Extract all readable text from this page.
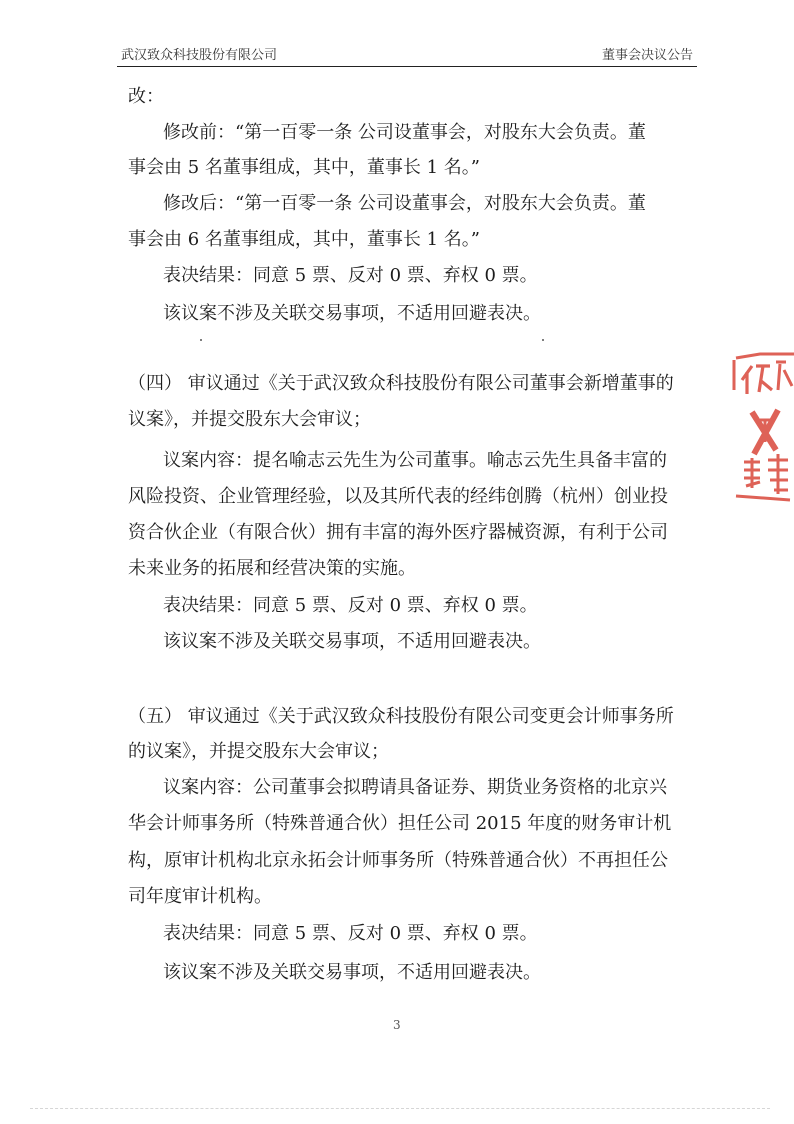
武汉致众科技股份有限公司	董事会决议公告
改：
修改前：“第一百零一条 公司设董事会，对股东大会负责。董
事会由 5 名董事组成，其中，董事长 1 名。”
修改后：“第一百零一条 公司设董事会，对股东大会负责。董
事会由 6 名董事组成，其中，董事长 1 名。”
表决结果：同意 5 票、反对 0 票、弃权 0 票。
该议案不涉及关联交易事项，不适用回避表决。
（四） 审议通过《关于武汉致众科技股份有限公司董事会新增董事的
议案》，并提交股东大会审议；
议案内容：提名喻志云先生为公司董事。喻志云先生具备丰富的
风险投资、企业管理经验，以及其所代表的经纬创腾（杭州）创业投
资合伙企业（有限合伙）拥有丰富的海外医疗器械资源，有利于公司
未来业务的拓展和经营决策的实施。
表决结果：同意 5 票、反对 0 票、弃权 0 票。
该议案不涉及关联交易事项，不适用回避表决。
（五） 审议通过《关于武汉致众科技股份有限公司变更会计师事务所
的议案》，并提交股东大会审议；
议案内容：公司董事会拟聘请具备证券、期货业务资格的北京兴
华会计师事务所（特殊普通合伙）担任公司 2015 年度的财务审计机
构，原审计机构北京永拓会计师事务所（特殊普通合伙）不再担任公
司年度审计机构。
表决结果：同意 5 票、反对 0 票、弃权 0 票。
该议案不涉及关联交易事项，不适用回避表决。
3
